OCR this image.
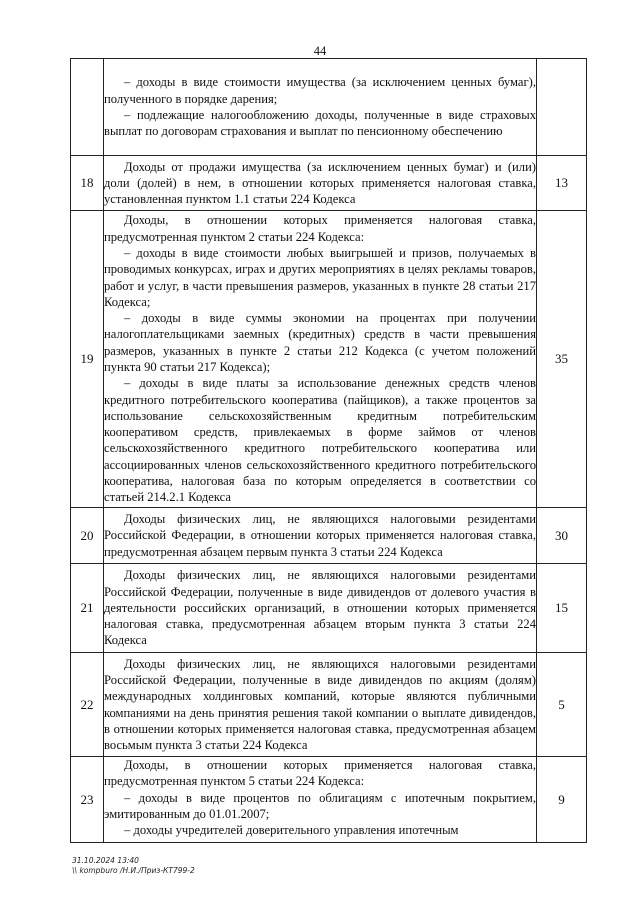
44

	– доходы в виде стоимости имущества (за исключением ценных бумаг), полученного в порядке дарения;

– подлежащие налогообложению доходы, полученные в виде страховых выплат по договорам страхования и выплат по пенсионному обеспечению	

18	Доходы от продажи имущества (за исключением ценных бумаг) и (или) доли (долей) в нем, в отношении которых применяется налоговая ставка, установленная пунктом 1.1 статьи 224 Кодекса	13
19	Доходы, в отношении которых применяется налоговая ставка, предусмотренная пунктом 2 статьи 224 Кодекса:

– доходы в виде стоимости любых выигрышей и призов, получаемых в проводимых конкурсах, играх и других мероприятиях в целях рекламы товаров, работ и услуг, в части превышения размеров, указанных в пункте 28 статьи 217 Кодекса;

– доходы в виде суммы экономии на процентах при получении налогоплательщиками заемных (кредитных) средств в части превышения размеров, указанных в пункте 2 статьи 212 Кодекса (с учетом положений пункта 90 статьи 217 Кодекса);

– доходы в виде платы за использование денежных средств членов кредитного потребительского кооператива (пайщиков), а также процентов за использование сельскохозяйственным кредитным потребительским кооперативом средств, привлекаемых в форме займов от членов сельскохозяйственного кредитного потребительского кооператива или ассоциированных членов сельскохозяйственного кредитного потребительского кооператива, налоговая база по которым определяется в соответствии со статьей 214.2.1 Кодекса	35
20	Доходы физических лиц, не являющихся налоговыми резидентами Российской Федерации, в отношении которых применяется налоговая ставка, предусмотренная абзацем первым пункта 3 статьи 224 Кодекса	30
21	Доходы физических лиц, не являющихся налоговыми резидентами Российской Федерации, полученные в виде дивидендов от долевого участия в деятельности российских организаций, в отношении которых применяется налоговая ставка, предусмотренная абзацем вторым пункта 3 статьи 224 Кодекса	15
22	Доходы физических лиц, не являющихся налоговыми резидентами Российской Федерации, полученные в виде дивидендов по акциям (долям) международных холдинговых компаний, которые являются публичными компаниями на день принятия решения такой компании о выплате дивидендов, в отношении которых применяется налоговая ставка, предусмотренная абзацем восьмым пункта 3 статьи 224 Кодекса	5
23	Доходы, в отношении которых применяется налоговая ставка, предусмотренная пунктом 5 статьи 224 Кодекса:

– доходы в виде процентов по облигациям с ипотечным покрытием, эмитированным до 01.01.2007;

– доходы учредителей доверительного управления ипотечным	9
31.10.2024 13:40
\\ kompburo /Н.И./Приз-КТ799-2
